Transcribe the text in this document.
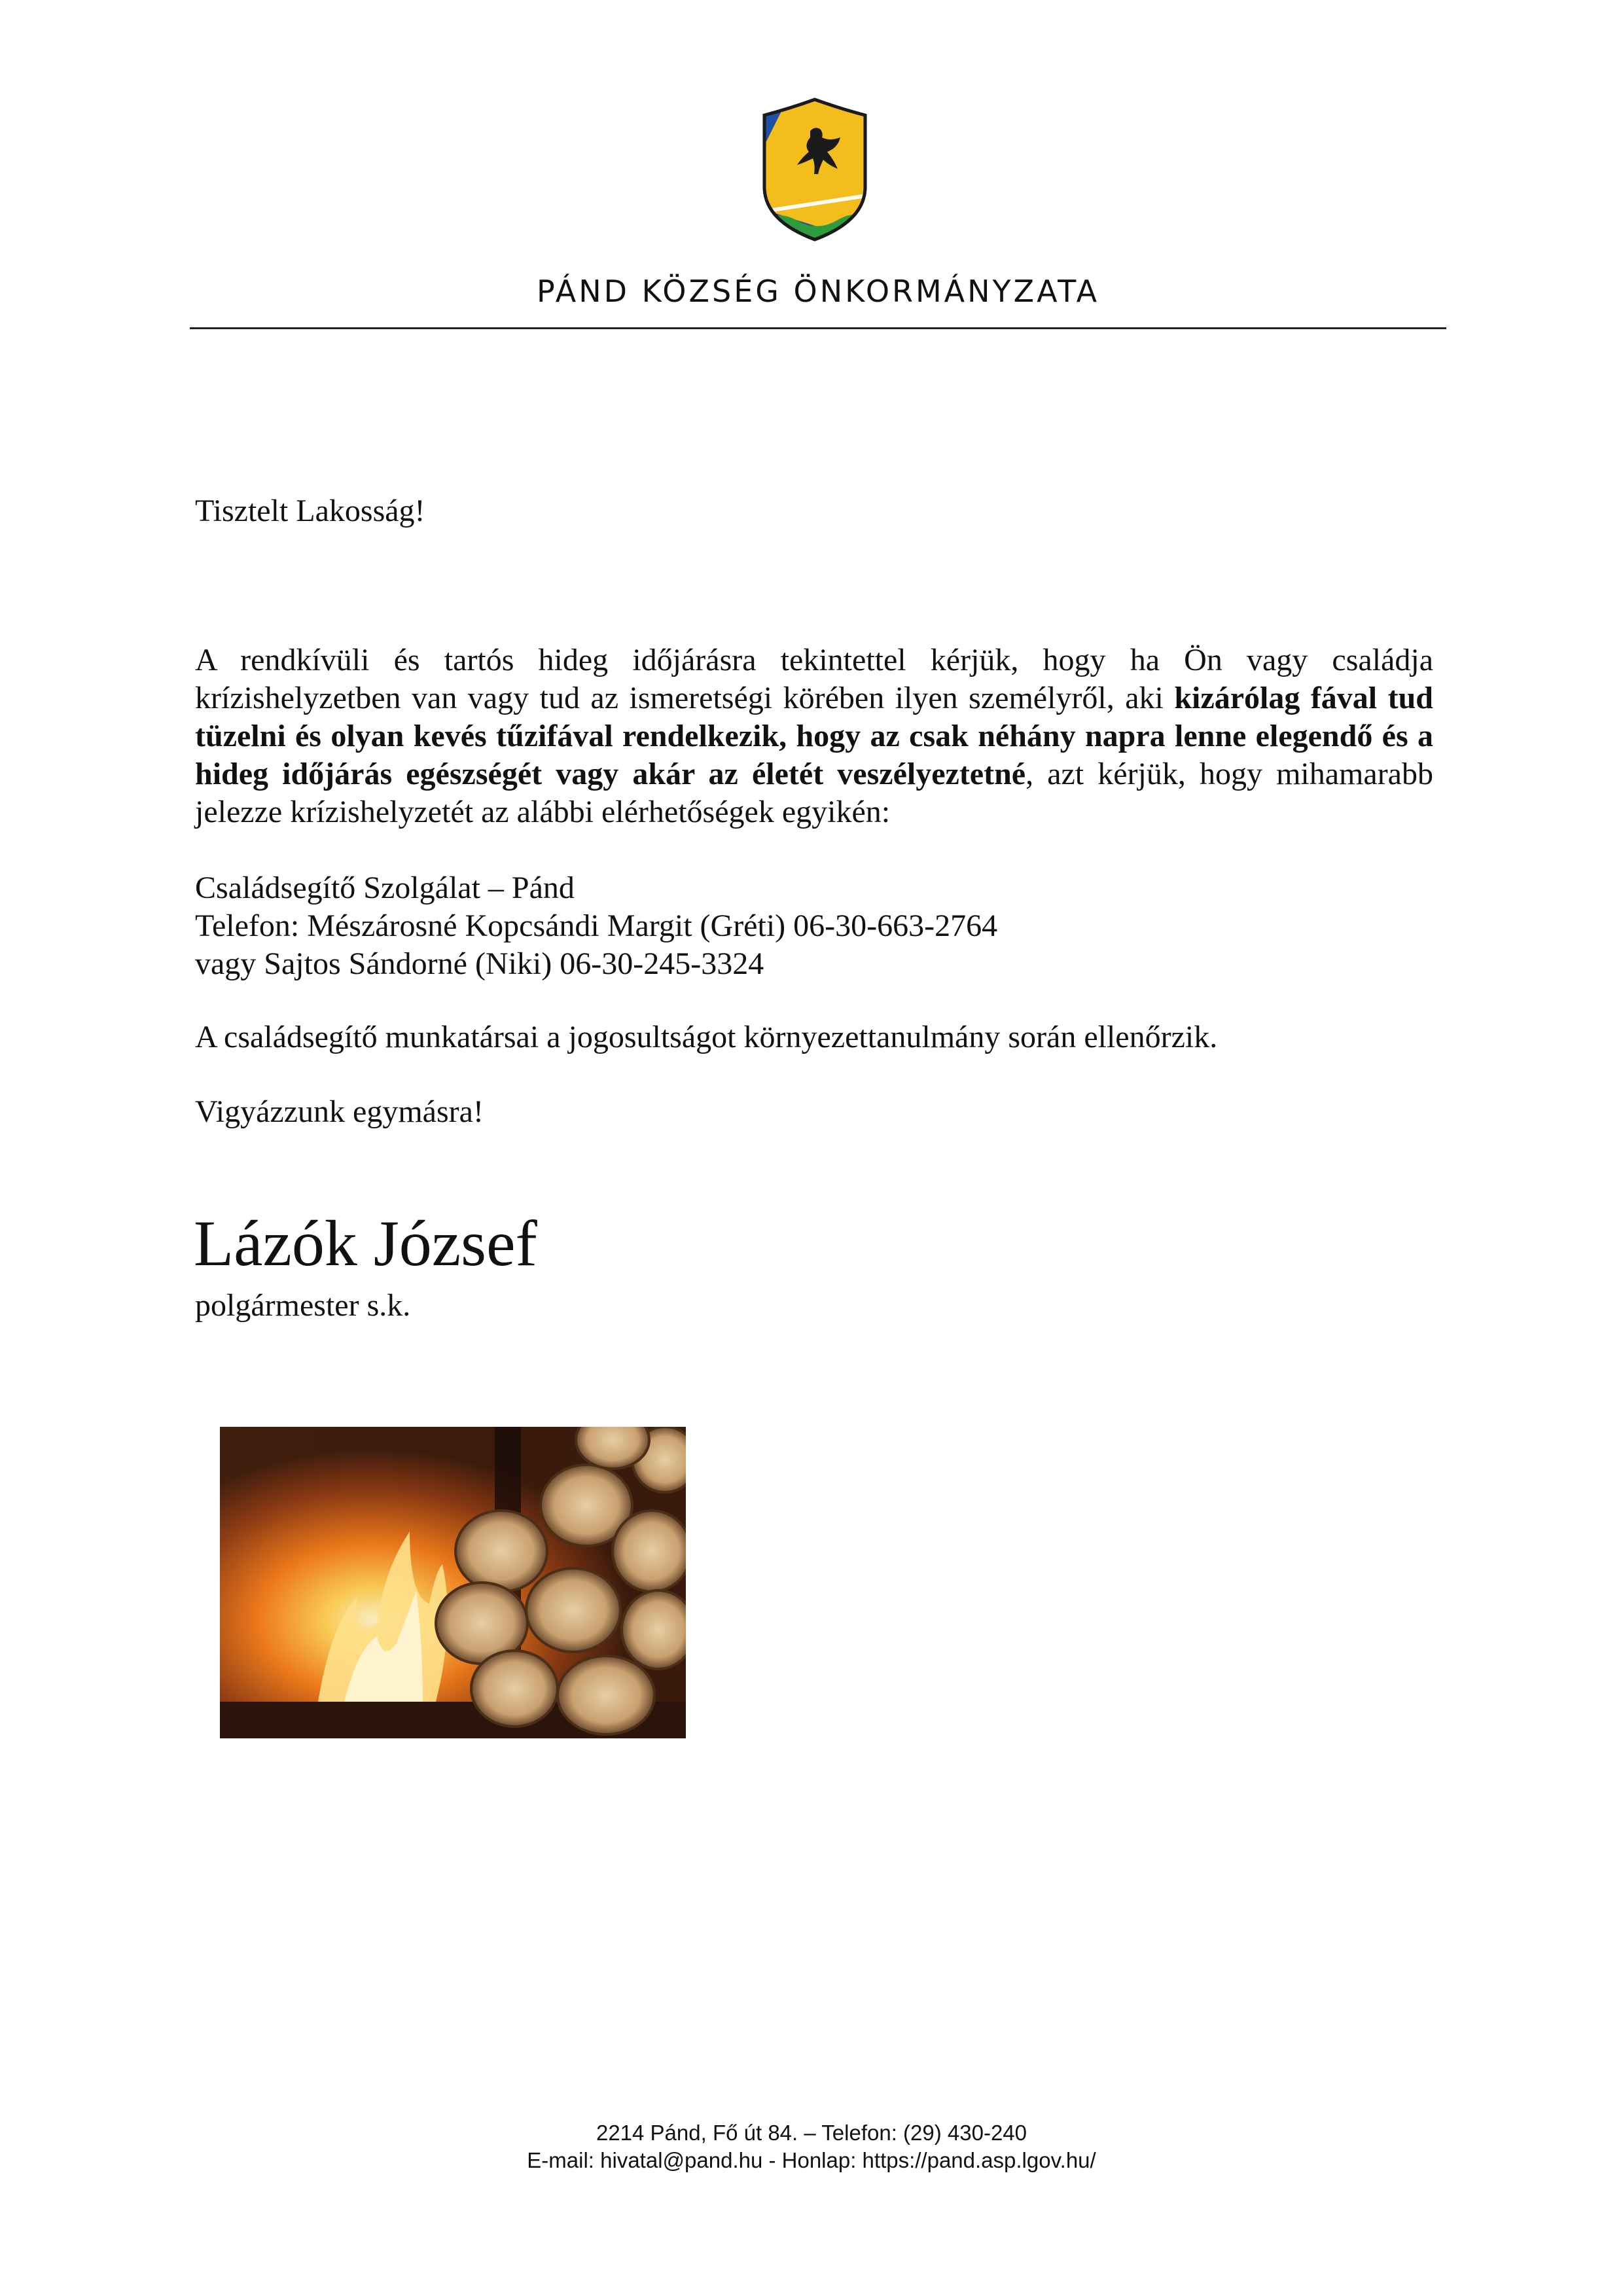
PÁND KÖZSÉG ÖNKORMÁNYZATA
Tisztelt Lakosság!
A rendkívüli és tartós hideg időjárásra tekintettel kérjük, hogy ha Ön vagy családja krízishelyzetben van vagy tud az ismeretségi körében ilyen személyről, aki kizárólag fával tud tüzelni és olyan kevés tűzifával rendelkezik, hogy az csak néhány napra lenne elegendő és a hideg időjárás egészségét vagy akár az életét veszélyeztetné, azt kérjük, hogy mihamarabb jelezze krízishelyzetét az alábbi elérhetőségek egyikén:
Családsegítő Szolgálat – Pánd
Telefon: Mészárosné Kopcsándi Margit (Gréti) 06-30-663-2764
vagy Sajtos Sándorné (Niki) 06-30-245-3324
A családsegítő munkatársai a jogosultságot környezettanulmány során ellenőrzik.
Vigyázzunk egymásra!
Lázók József
polgármester s.k.
2214 Pánd, Fő út 84. – Telefon: (29) 430-240
E-mail: hivatal@pand.hu - Honlap: https://pand.asp.lgov.hu/
